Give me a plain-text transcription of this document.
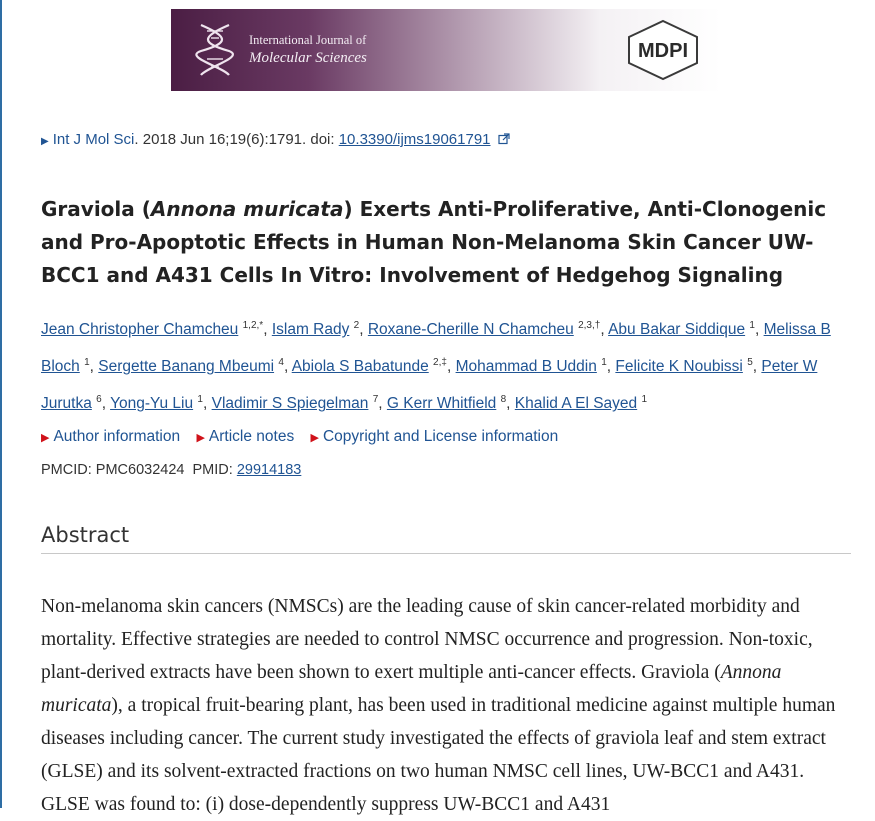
International Journal of
Molecular Sciences	MDPI
▶ Int J Mol Sci. 2018 Jun 16;19(6):1791. doi: 10.3390/ijms19061791
Graviola (Annona muricata) Exerts Anti-Proliferative, Anti-Clonogenic and Pro-Apoptotic Effects in Human Non-Melanoma Skin Cancer UW-BCC1 and A431 Cells In Vitro: Involvement of Hedgehog Signaling
Jean Christopher Chamcheu $^{1,2,*}$, Islam Rady $^2$, Roxane-Cherille N Chamcheu $^{2,3,\dagger}$, Abu Bakar Siddique $^1$, Melissa B Bloch $^1$, Sergette Banang Mbeumi $^4$, Abiola S Babatunde $^{2,\ddagger}$, Mohammad B Uddin $^1$, Felicite K Noubissi $^5$, Peter W Jurutka $^6$, Yong-Yu Liu $^1$, Vladimir S Spiegelman $^7$, G Kerr Whitfield $^8$, Khalid A El Sayed $^1$
▶ Author information ▶ Article notes ▶ Copyright and License information
PMCID: PMC6032424 PMID: 29914183
Abstract

Non-melanoma skin cancers (NMSCs) are the leading cause of skin cancer-related morbidity and mortality. Effective strategies are needed to control NMSC occurrence and progression. Non-toxic, plant-derived extracts have been shown to exert multiple anti-cancer effects. Graviola (Annona muricata), a tropical fruit-bearing plant, has been used in traditional medicine against multiple human diseases including cancer. The current study investigated the effects of graviola leaf and stem extract (GLSE) and its solvent-extracted fractions on two human NMSC cell lines, UW-BCC1 and A431. GLSE was found to: (i) dose-dependently suppress UW-BCC1 and A431
